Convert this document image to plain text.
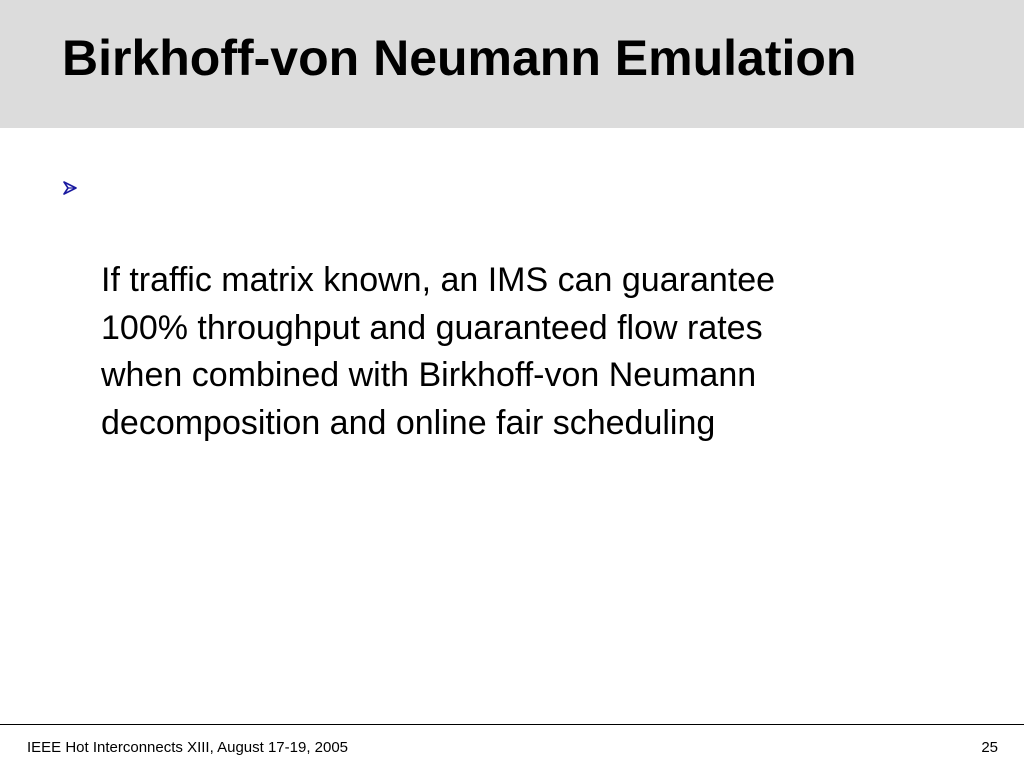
Birkhoff-von Neumann Emulation

If traffic matrix known, an IMS can guarantee
100% throughput and guaranteed flow rates
when combined with Birkhoff-von Neumann
decomposition and online fair scheduling

IEEE Hot Interconnects XIII, August 17-19, 2005	25
